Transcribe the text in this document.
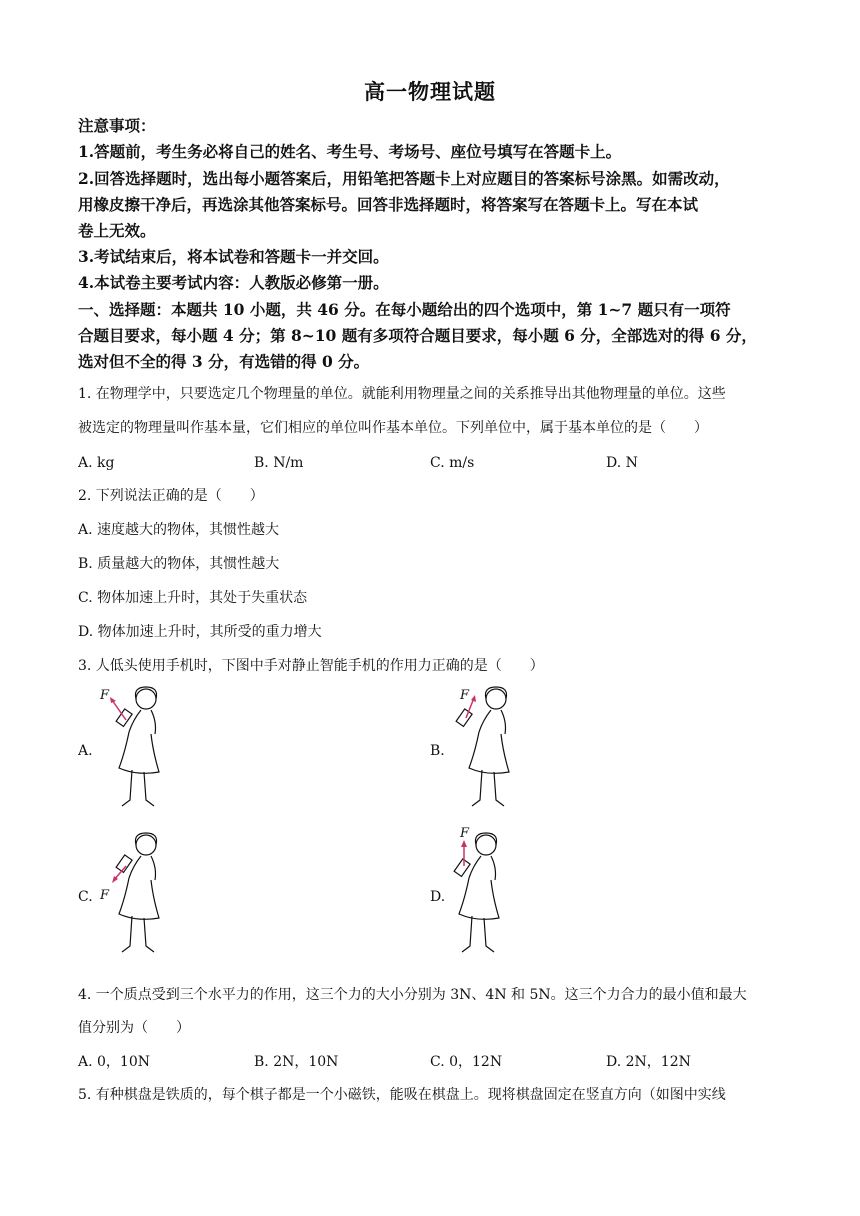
高一物理试题
注意事项：
1.答题前，考生务必将自己的姓名、考生号、考场号、座位号填写在答题卡上。
2.回答选择题时，选出每小题答案后，用铅笔把答题卡上对应题目的答案标号涂黑。如需改动，
用橡皮擦干净后，再选涂其他答案标号。回答非选择题时，将答案写在答题卡上。写在本试
卷上无效。
3.考试结束后，将本试卷和答题卡一并交回。
4.本试卷主要考试内容：人教版必修第一册。
一、选择题：本题共 10 小题，共 46 分。在每小题给出的四个选项中，第 1~7 题只有一项符
合题目要求，每小题 4 分；第 8~10 题有多项符合题目要求，每小题 6 分，全部选对的得 6 分，
选对但不全的得 3 分，有选错的得 0 分。
1. 在物理学中，只要选定几个物理量的单位。就能利用物理量之间的关系推导出其他物理量的单位。这些
被选定的物理量叫作基本量，它们相应的单位叫作基本单位。下列单位中，属于基本单位的是（　　）
A. kg	B. N/m	C. m/s	D. N
2. 下列说法正确的是（　　）
A. 速度越大的物体，其惯性越大
B. 质量越大的物体，其惯性越大
C. 物体加速上升时，其处于失重状态
D. 物体加速上升时，其所受的重力增大
3. 人低头使用手机时，下图中手对静止智能手机的作用力正确的是（　　）
A.
F
B.
F
C. F	D.
F
4. 一个质点受到三个水平力的作用，这三个力的大小分别为 3N、4N 和 5N。这三个力合力的最小值和最大
值分别为（　　）
A. 0，10N	B. 2N，10N	C. 0，12N	D. 2N，12N
5. 有种棋盘是铁质的，每个棋子都是一个小磁铁，能吸在棋盘上。现将棋盘固定在竖直方向（如图中实线
